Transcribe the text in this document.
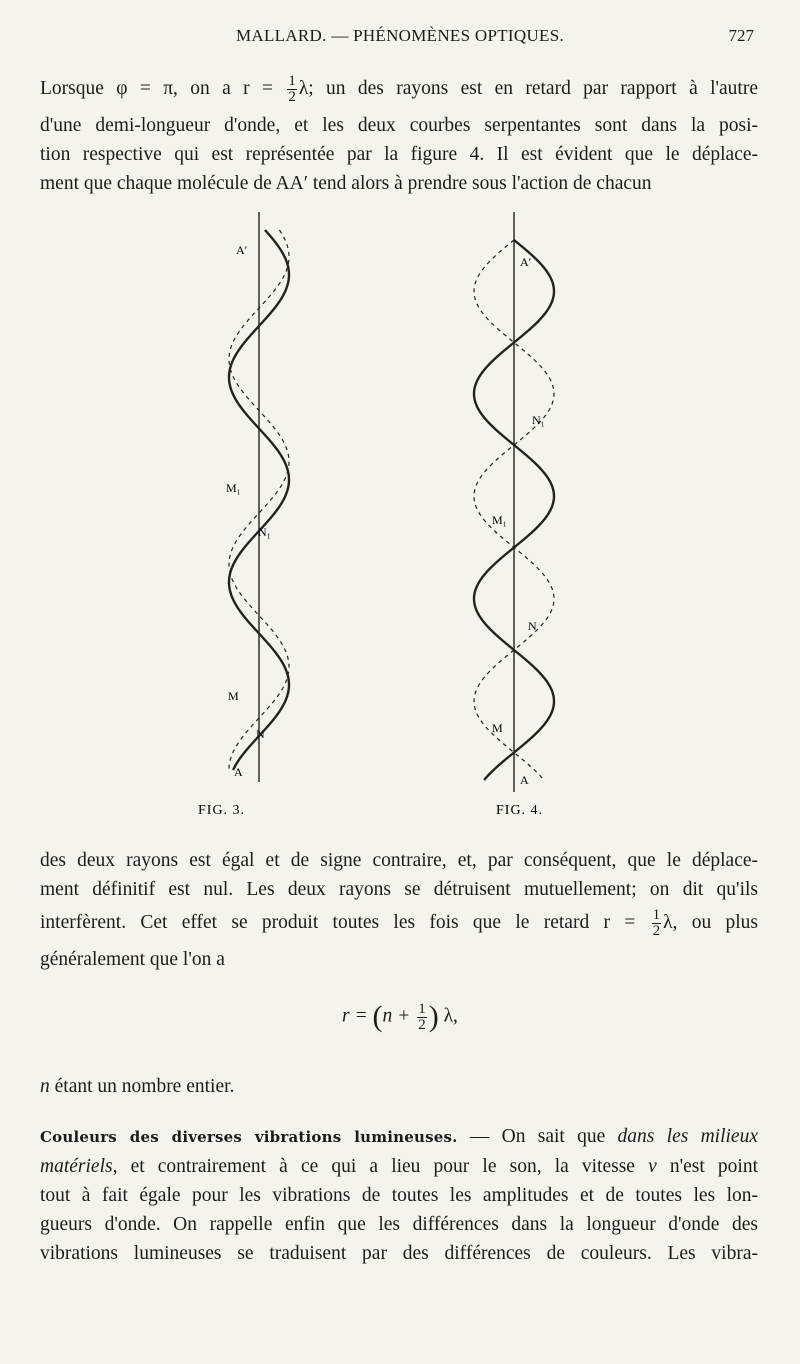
MALLARD. — PHÉNOMÈNES OPTIQUES.	727
Lorsque φ = π, on a $r = \frac{1}{2} \lambda$; un des rayons est en retard par rapport à l'autre
d'une demi-longueur d'onde, et les deux courbes serpentantes sont dans la posi-
tion respective qui est représentée par la figure 4. Il est évident que le déplace-
ment que chaque molécule de AA′ tend alors à prendre sous l'action de chacun
A′
M₁
N₁
M
N
A
A′
N₁
M₁
N
M
A
FIG. 3.	FIG. 4.
des deux rayons est égal et de signe contraire, et, par conséquent, que le déplace-
ment définitif est nul. Les deux rayons se détruisent mutuellement; on dit qu'ils
interfèrent. Cet effet se produit toutes les fois que le retard $r = \frac{1}{2} \lambda$, ou plus
généralement que l'on a
$r = (n + \frac{1}{2}$ ) λ,
n étant un nombre entier.
Couleurs des diverses vibrations lumineuses. — On sait que dans les milieux
matériels, et contrairement à ce qui a lieu pour le son, la vitesse v n'est point
tout à fait égale pour les vibrations de toutes les amplitudes et de toutes les lon-
gueurs d'onde. On rappelle enfin que les différences dans la longueur d'onde des
vibrations lumineuses se traduisent par des différences de couleurs. Les vibra-
